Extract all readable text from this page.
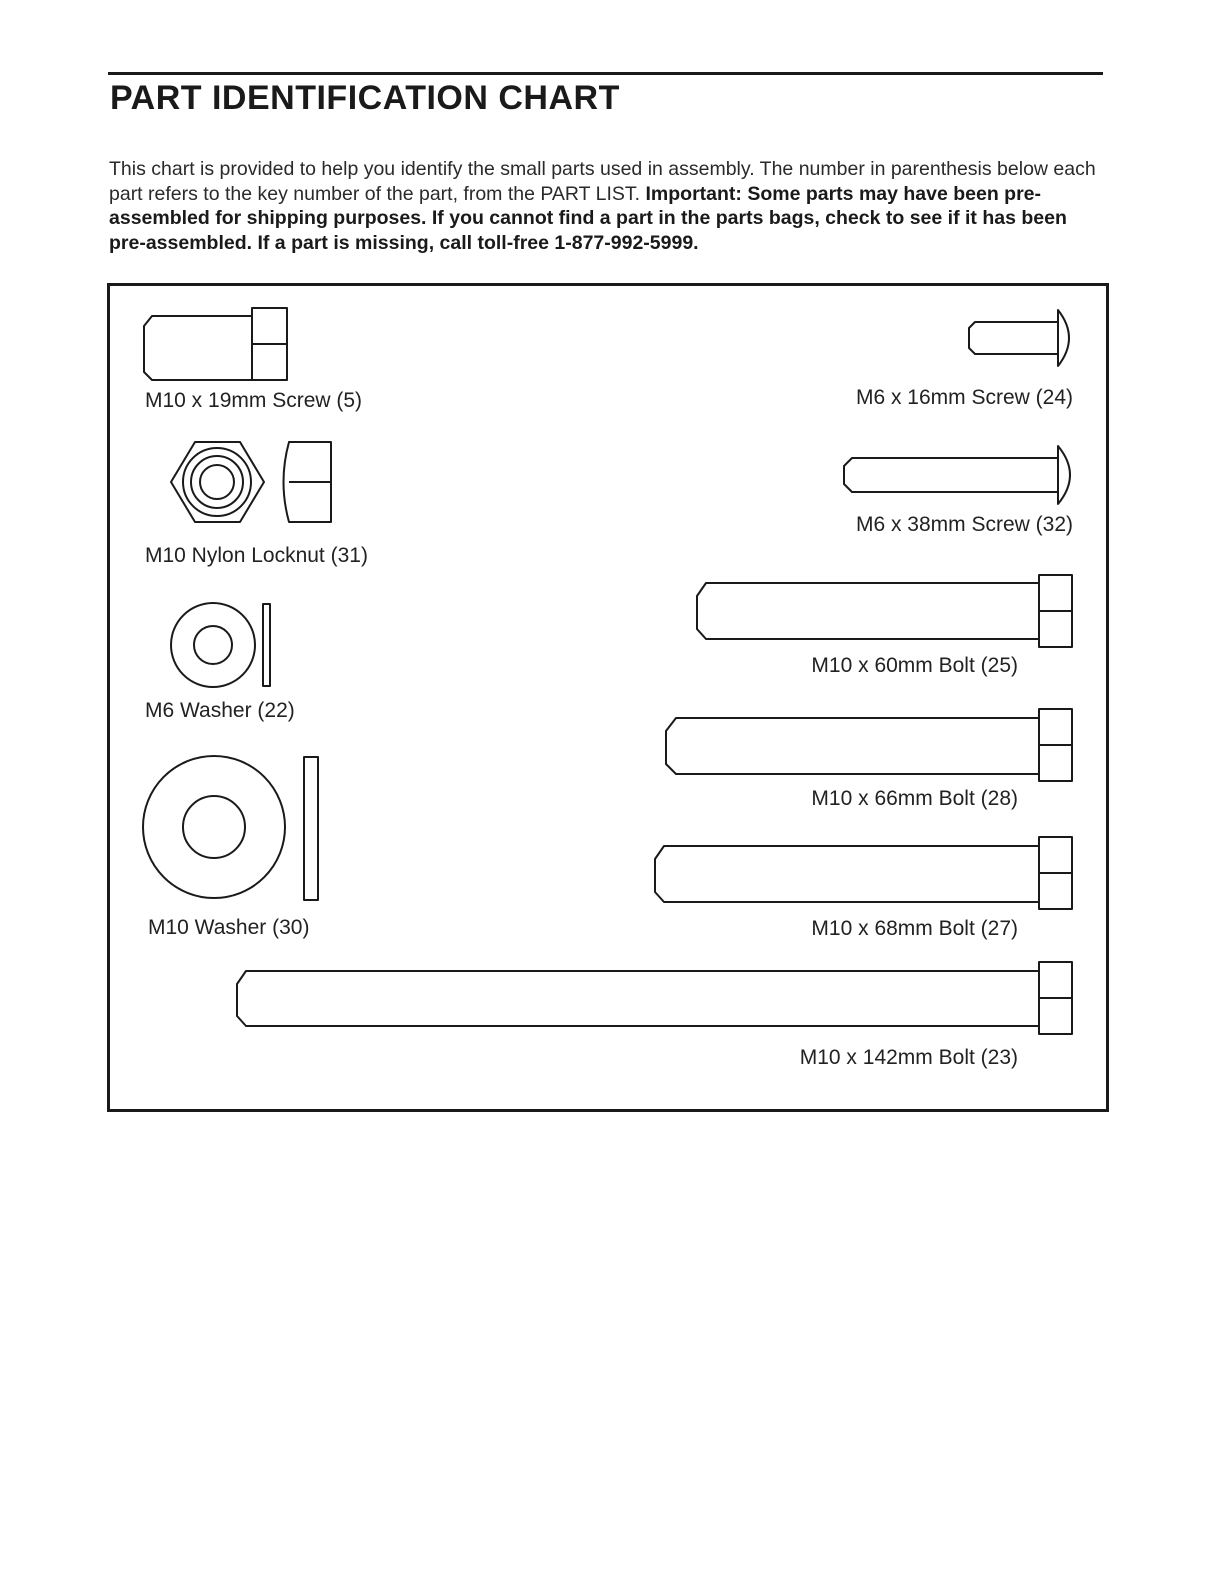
PART IDENTIFICATION CHART

This chart is provided to help you identify the small parts used in assembly. The number in parenthesis below each part refers to the key number of the part, from the PART LIST. Important: Some parts may have been pre-assembled for shipping purposes. If you cannot find a part in the parts bags, check to see if it has been pre-assembled. If a part is missing, call toll-free 1-877-992-5999.

M10 x 19mm Screw (5)	M6 x 16mm Screw (24)
M10 Nylon Locknut (31)
M6 x 38mm Screw (32)
M6 Washer (22)
M10 x 60mm Bolt (25)
M10 x 66mm Bolt (28)
M10 Washer (30)	M10 x 68mm Bolt (27)
M10 x 142mm Bolt (23)
